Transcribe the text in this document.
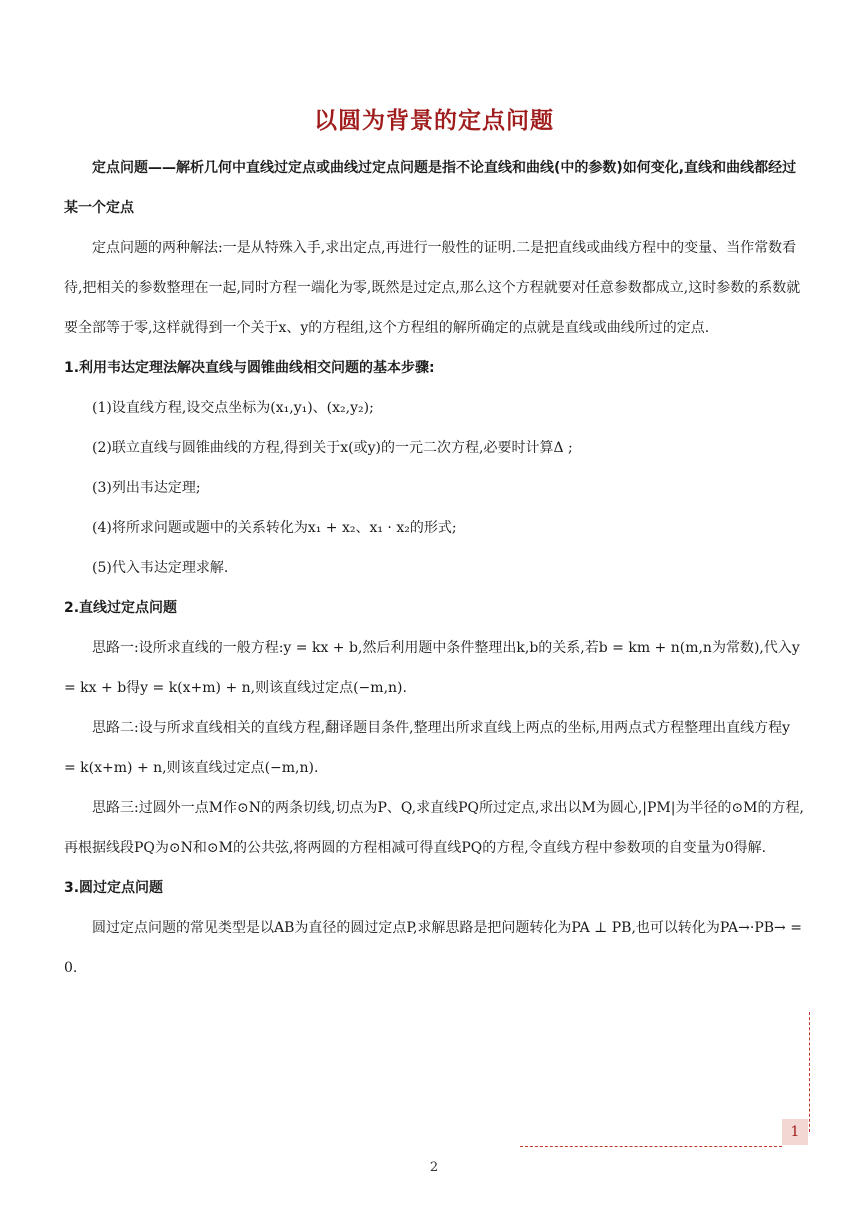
以圆为背景的定点问题

定点问题——解析几何中直线过定点或曲线过定点问题是指不论直线和曲线(中的参数)如何变化,直线和曲线都经过某一个定点

定点问题的两种解法:一是从特殊入手,求出定点,再进行一般性的证明.二是把直线或曲线方程中的变量、当作常数看待,把相关的参数整理在一起,同时方程一端化为零,既然是过定点,那么这个方程就要对任意参数都成立,这时参数的系数就要全部等于零,这样就得到一个关于x、y的方程组,这个方程组的解所确定的点就是直线或曲线所过的定点.

1.利用韦达定理法解决直线与圆锥曲线相交问题的基本步骤:

(1)设直线方程,设交点坐标为(x₁,y₁)、(x₂,y₂);

(2)联立直线与圆锥曲线的方程,得到关于x(或y)的一元二次方程,必要时计算Δ ;

(3)列出韦达定理;

(4)将所求问题或题中的关系转化为x₁ + x₂、x₁ · x₂的形式;

(5)代入韦达定理求解.

2.直线过定点问题

思路一:设所求直线的一般方程:y = kx + b,然后利用题中条件整理出k,b的关系,若b = km + n(m,n为常数),代入y = kx + b得y = k(x+m) + n,则该直线过定点(−m,n).

思路二:设与所求直线相关的直线方程,翻译题目条件,整理出所求直线上两点的坐标,用两点式方程整理出直线方程y = k(x+m) + n,则该直线过定点(−m,n).

思路三:过圆外一点M作⊙N的两条切线,切点为P、Q,求直线PQ所过定点,求出以M为圆心,|PM|为半径的⊙M的方程,再根据线段PQ为⊙N和⊙M的公共弦,将两圆的方程相减可得直线PQ的方程,令直线方程中参数项的自变量为0得解.

3.圆过定点问题

圆过定点问题的常见类型是以AB为直径的圆过定点P,求解思路是把问题转化为PA ⊥ PB,也可以转化为PA→·PB→ = 0.

1
2
